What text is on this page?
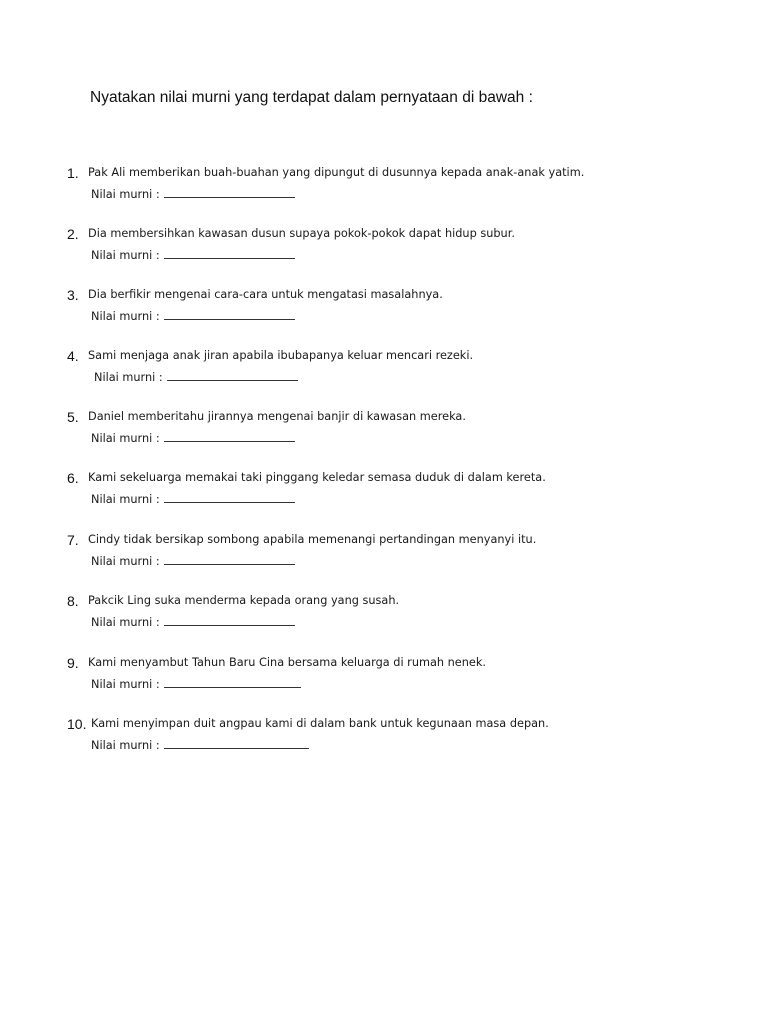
Nyatakan nilai murni yang terdapat dalam pernyataan di bawah :
1. Pak Ali memberikan buah-buahan yang dipungut di dusunnya kepada anak-anak yatim.
Nilai murni :
2. Dia membersihkan kawasan dusun supaya pokok-pokok dapat hidup subur.
Nilai murni :
3. Dia berfikir mengenai cara-cara untuk mengatasi masalahnya.
Nilai murni :
4. Sami menjaga anak jiran apabila ibubapanya keluar mencari rezeki.
Nilai murni :
5. Daniel memberitahu jirannya mengenai banjir di kawasan mereka.
Nilai murni :
6. Kami sekeluarga memakai taki pinggang keledar semasa duduk di dalam kereta.
Nilai murni :
7. Cindy tidak bersikap sombong apabila memenangi pertandingan menyanyi itu.
Nilai murni :
8. Pakcik Ling suka menderma kepada orang yang susah.
Nilai murni :
9. Kami menyambut Tahun Baru Cina bersama keluarga di rumah nenek.
Nilai murni :
10. Kami menyimpan duit angpau kami di dalam bank untuk kegunaan masa depan.
Nilai murni :
